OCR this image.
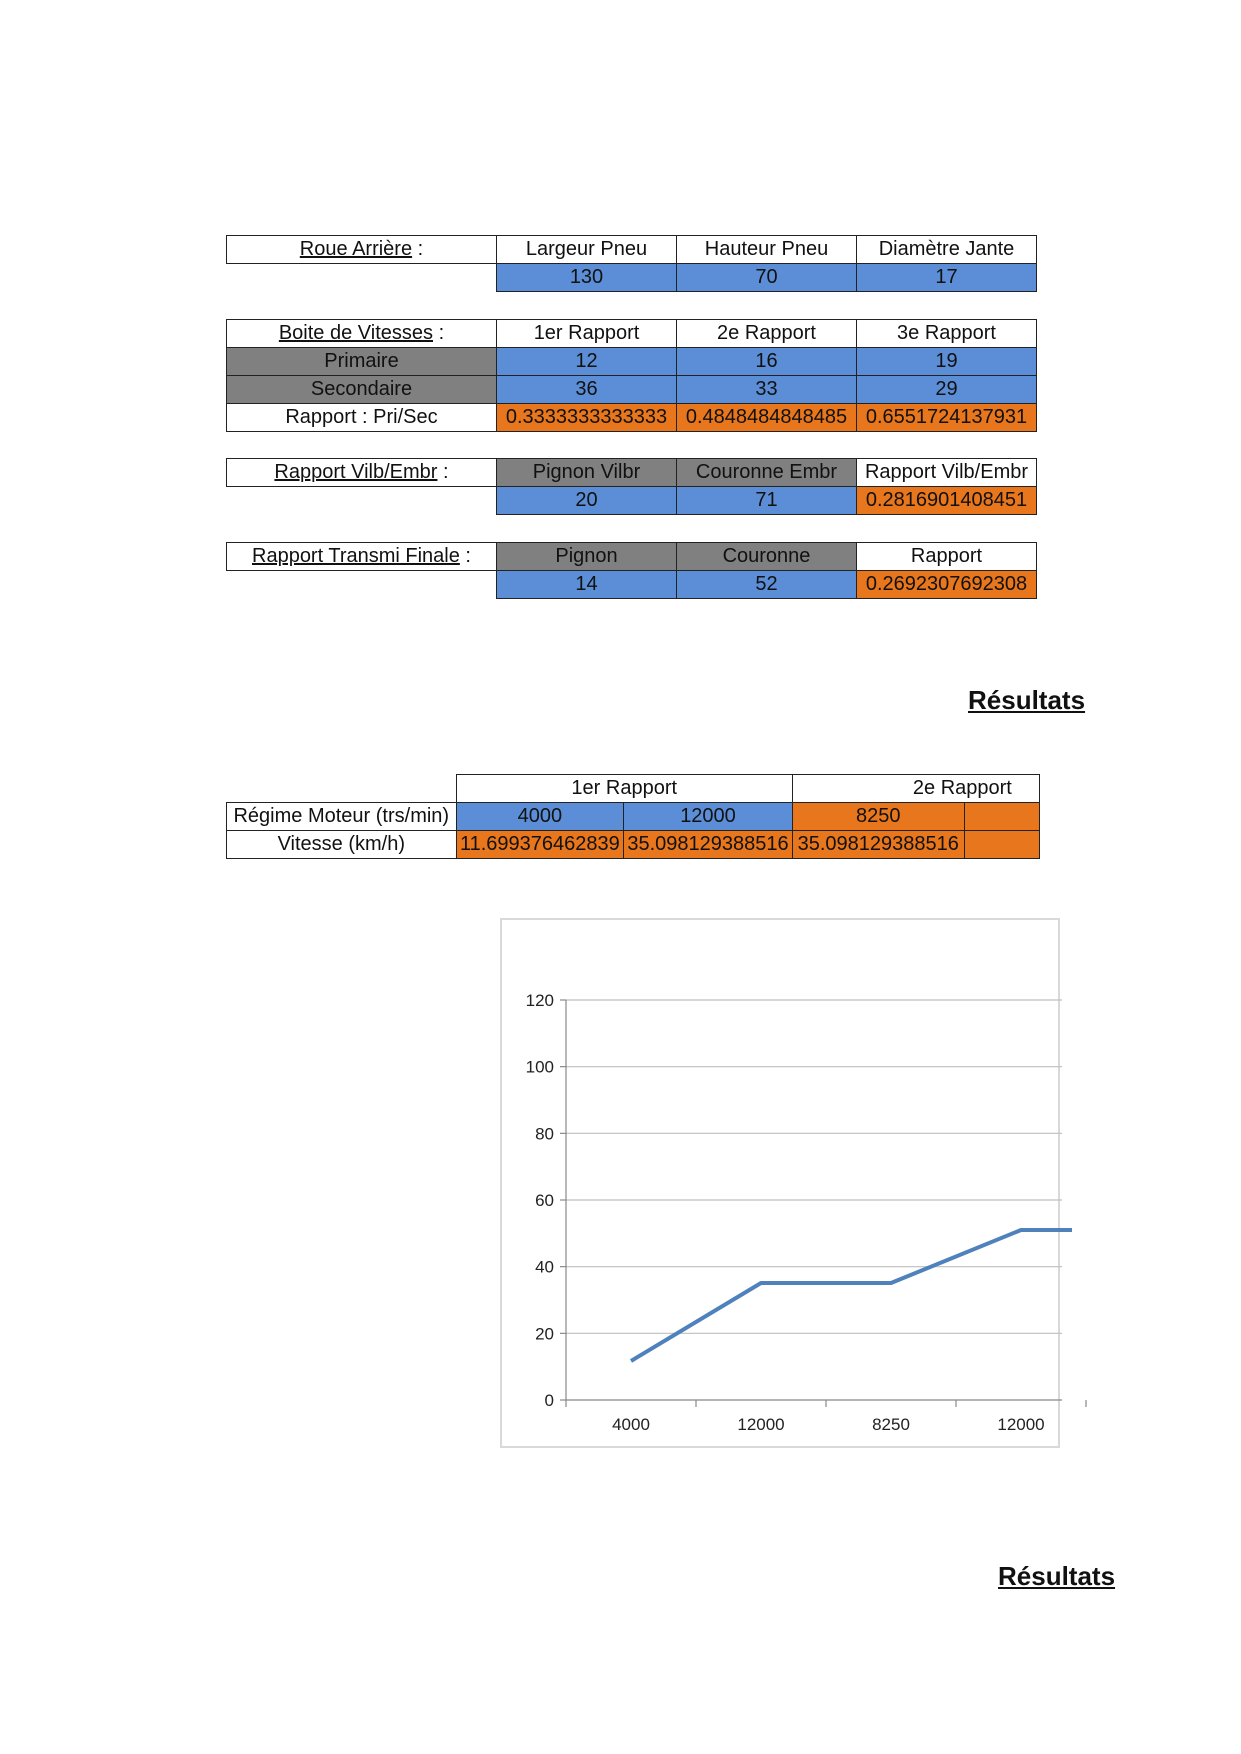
Roue Arrière :	Largeur Pneu	Hauteur Pneu	Diamètre Jante
	130	70	17
Boite de Vitesses :	1er Rapport	2e Rapport	3e Rapport
Primaire	12	16	19
Secondaire	36	33	29
Rapport : Pri/Sec	0.3333333333333	0.4848484848485	0.6551724137931
Rapport Vilb/Embr :	Pignon Vilbr	Couronne Embr	Rapport Vilb/Embr
	20	71	0.2816901408451
Rapport Transmi Finale :	Pignon	Couronne	Rapport
	14	52	0.2692307692308
Résultats
	1er Rapport		2e Rapport	
Régime Moteur (trs/min)	4000	12000	8250	
Vitesse (km/h)	11.699376462839	35.098129388516	35.098129388516	
0
20
40
60
80
100
120
4000	12000	8250	12000
Résultats
